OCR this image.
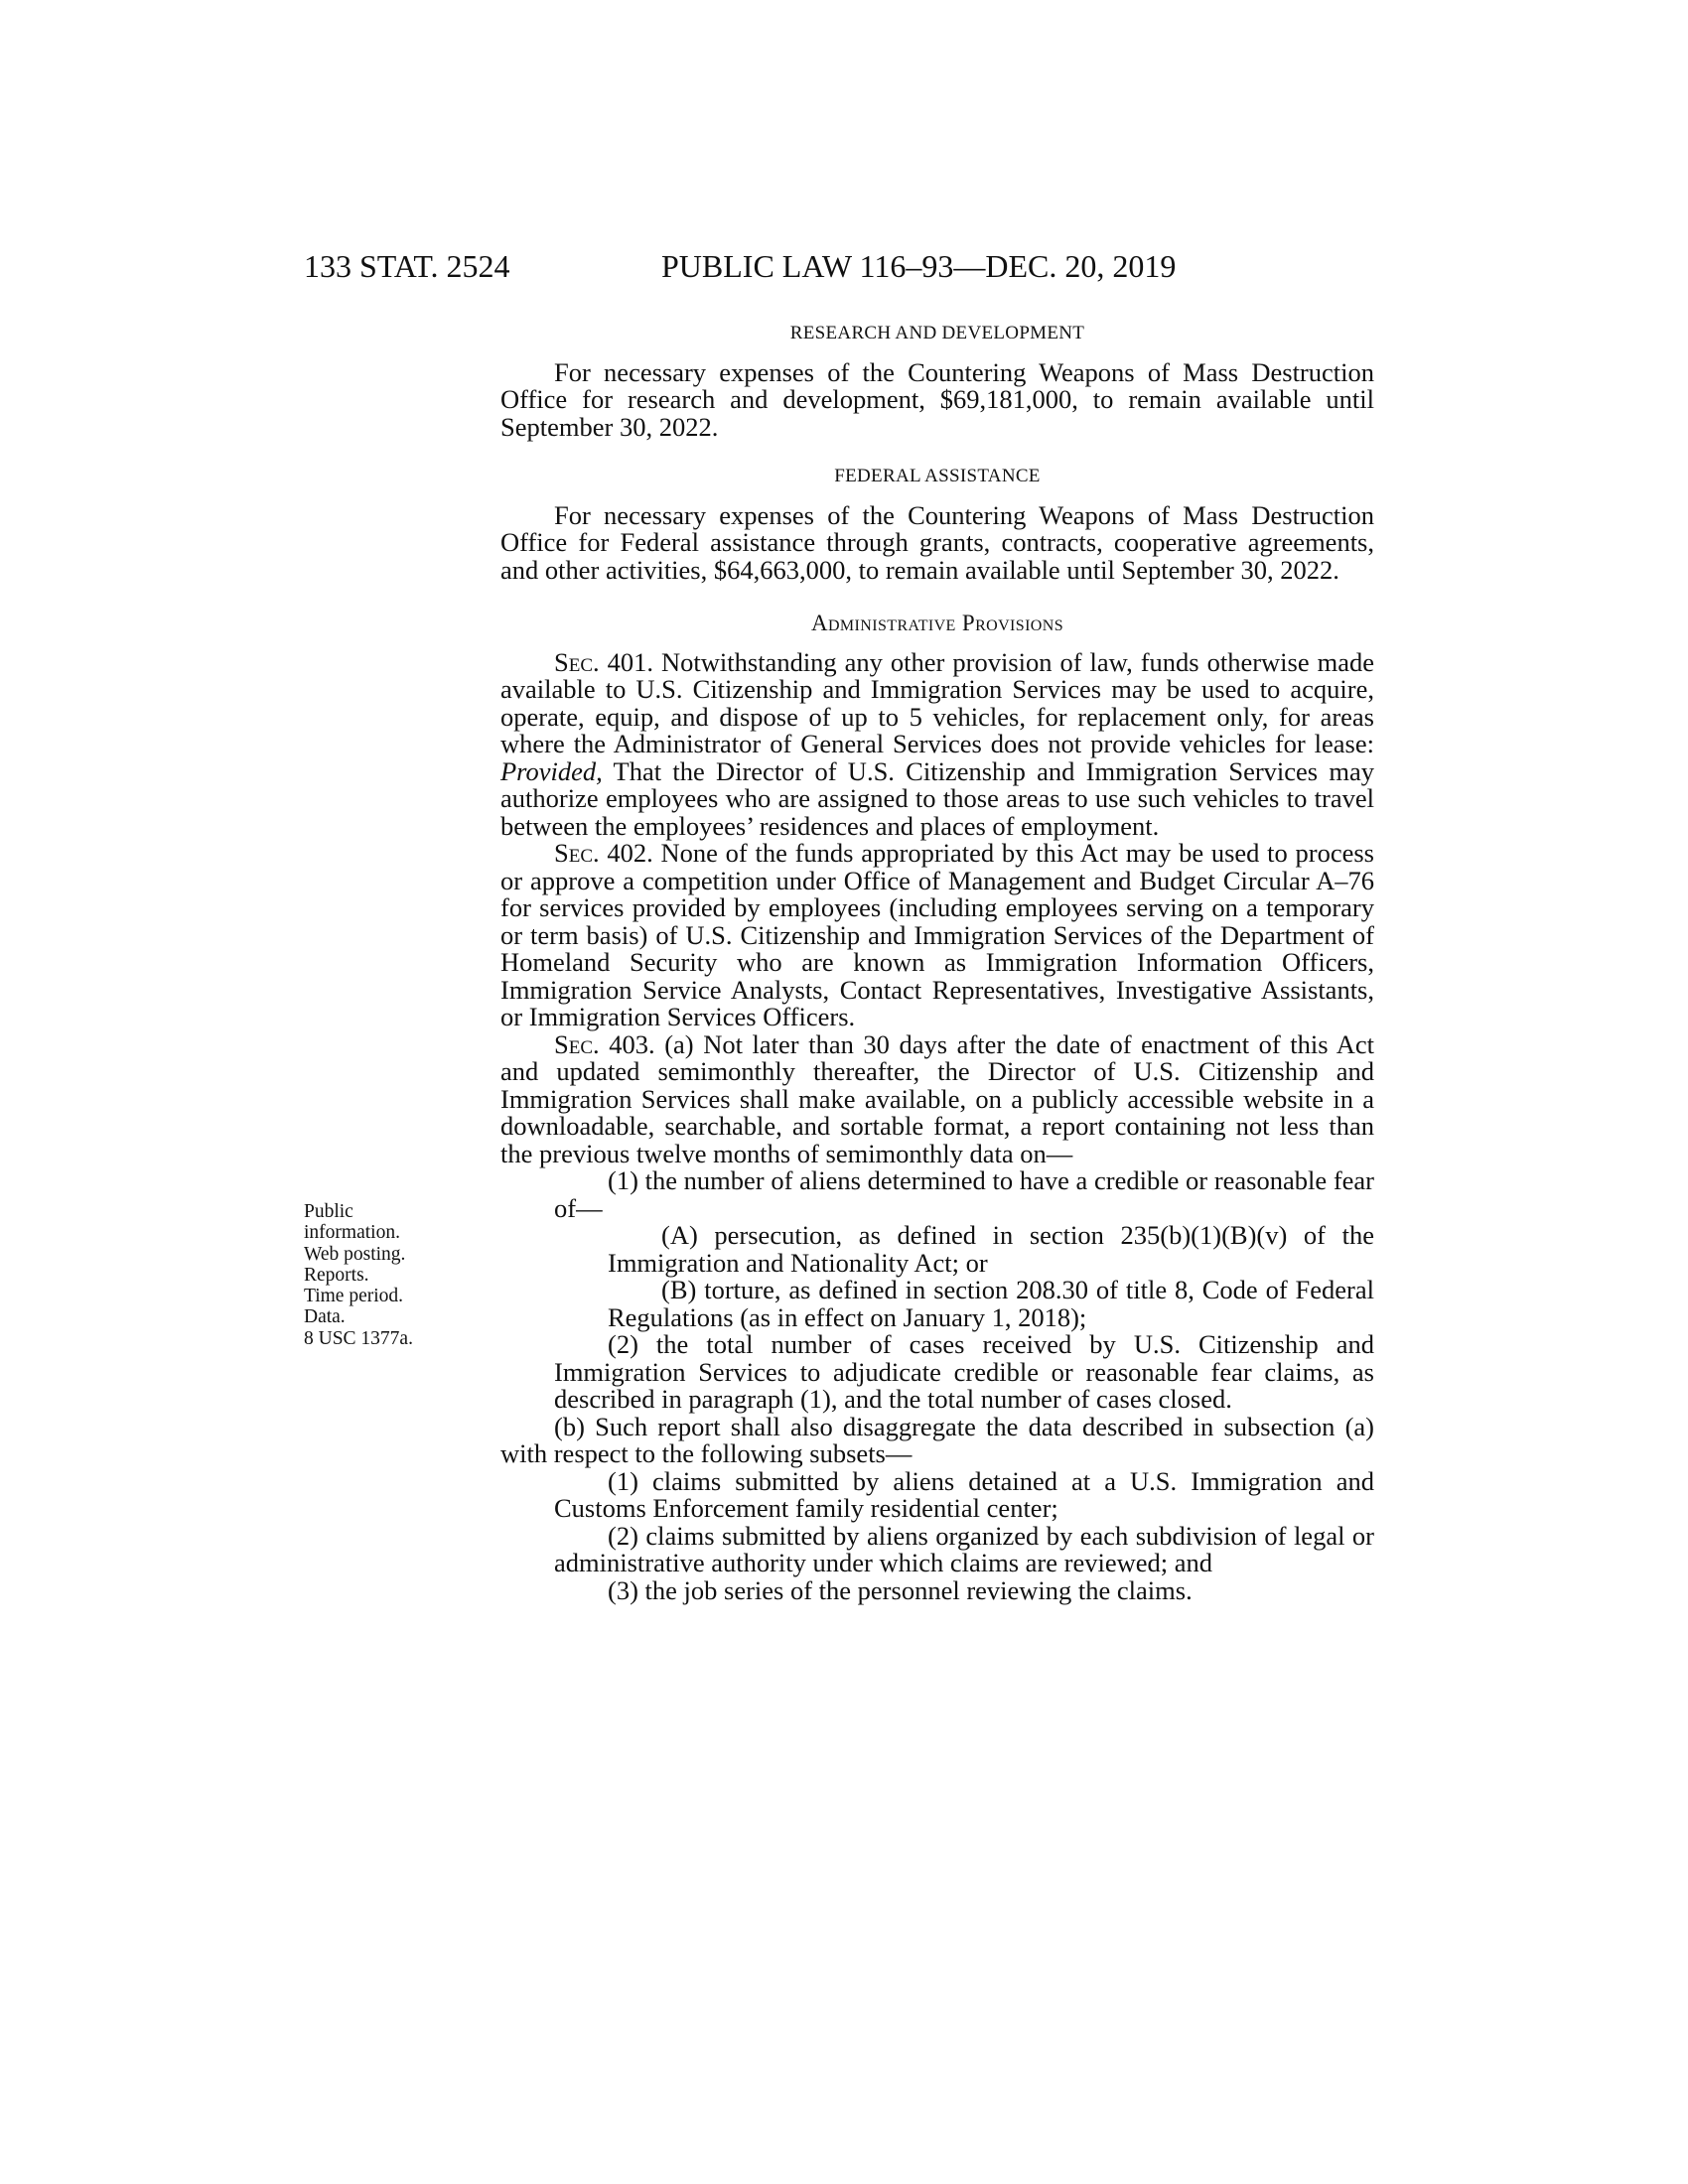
133 STAT. 2524	PUBLIC LAW 116–93—DEC. 20, 2019
Public
information.
Web posting.
Reports.
Time period.
Data.
8 USC 1377a.
RESEARCH AND DEVELOPMENT

For necessary expenses of the Countering Weapons of Mass Destruction Office for research and development, $69,181,000, to remain available until September 30, 2022.

FEDERAL ASSISTANCE

For necessary expenses of the Countering Weapons of Mass Destruction Office for Federal assistance through grants, contracts, cooperative agreements, and other activities, $64,663,000, to remain available until September 30, 2022.

Administrative Provisions

Sec. 401. Notwithstanding any other provision of law, funds otherwise made available to U.S. Citizenship and Immigration Services may be used to acquire, operate, equip, and dispose of up to 5 vehicles, for replacement only, for areas where the Administrator of General Services does not provide vehicles for lease: Provided, That the Director of U.S. Citizenship and Immigration Services may authorize employees who are assigned to those areas to use such vehicles to travel between the employees’ residences and places of employment.

Sec. 402. None of the funds appropriated by this Act may be used to process or approve a competition under Office of Management and Budget Circular A–76 for services provided by employees (including employees serving on a temporary or term basis) of U.S. Citizenship and Immigration Services of the Department of Homeland Security who are known as Immigration Information Officers, Immigration Service Analysts, Contact Representatives, Investigative Assistants, or Immigration Services Officers.

Sec. 403. (a) Not later than 30 days after the date of enactment of this Act and updated semimonthly thereafter, the Director of U.S. Citizenship and Immigration Services shall make available, on a publicly accessible website in a downloadable, searchable, and sortable format, a report containing not less than the previous twelve months of semimonthly data on—

(1) the number of aliens determined to have a credible or reasonable fear of—

(A) persecution, as defined in section 235(b)(1)(B)(v) of the Immigration and Nationality Act; or

(B) torture, as defined in section 208.30 of title 8, Code of Federal Regulations (as in effect on January 1, 2018);

(2) the total number of cases received by U.S. Citizenship and Immigration Services to adjudicate credible or reasonable fear claims, as described in paragraph (1), and the total number of cases closed.

(b) Such report shall also disaggregate the data described in subsection (a) with respect to the following subsets—

(1) claims submitted by aliens detained at a U.S. Immigration and Customs Enforcement family residential center;

(2) claims submitted by aliens organized by each subdivision of legal or administrative authority under which claims are reviewed; and

(3) the job series of the personnel reviewing the claims.
